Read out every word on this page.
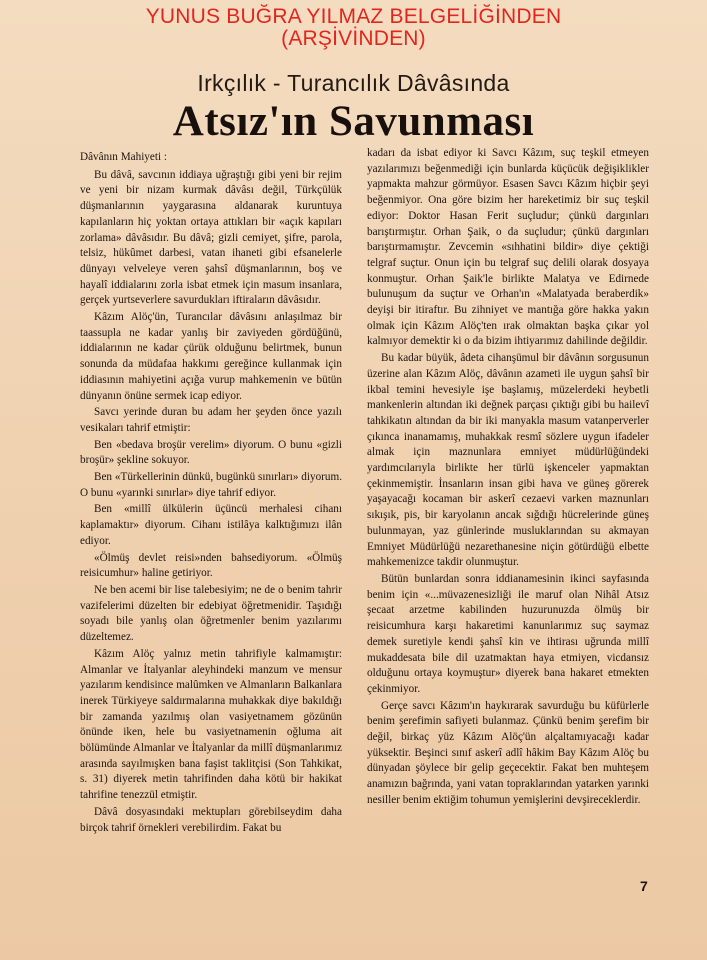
YUNUS BUĞRA YILMAZ BELGELİĞİNDEN
(ARŞİVİNDEN)
Irkçılık - Turancılık Dâvâsında
Atsız'ın Savunması

Dâvânın Mahiyeti :

Bu dâvâ, savcının iddiaya uğraştığı gibi yeni bir rejim ve yeni bir nizam kurmak dâvâsı değil, Türkçülük düşmanlarının yaygarasına aldanarak kuruntuya kapılanların hiç yoktan ortaya attıkları bir «açık kapıları zorlama» dâvâsıdır. Bu dâvâ; gizli cemiyet, şifre, parola, telsiz, hükûmet darbesi, vatan ihaneti gibi efsanelerle dünyayı velveleye veren şahsî düşmanlarının, boş ve hayalî iddialarını zorla isbat etmek için masum insanlara, gerçek yurtseverlere savurdukları iftiraların dâvâsıdır.

Kâzım Alöç'ün, Turancılar dâvâsını anlaşılmaz bir taassupla ne kadar yanlış bir zaviyeden gördüğünü, iddialarının ne kadar çürük olduğunu belirtmek, bunun sonunda da müdafaa hakkımı gereğince kullanmak için iddiasının mahiyetini açığa vurup mahkemenin ve bütün dünyanın önüne sermek icap ediyor.

Savcı yerinde duran bu adam her şeyden önce yazılı vesikaları tahrif etmiştir:

Ben «bedava broşür verelim» diyorum. O bunu «gizli broşür» şekline sokuyor.

Ben «Türkellerinin dünkü, bugünkü sınırları» diyorum. O bunu «yarınki sınırlar» diye tahrif ediyor.

Ben «millî ülkülerin üçüncü merhalesi cihanı kaplamaktır» diyorum. Cihanı istilâya kalktığımızı ilân ediyor.

«Ölmüş devlet reisi»nden bahsediyorum. «Ölmüş reisicumhur» haline getiriyor.

Ne ben acemi bir lise talebesiyim; ne de o benim tahrir vazifelerimi düzelten bir edebiyat öğretmenidir. Taşıdığı soyadı bile yanlış olan öğretmenler benim yazılarımı düzeltemez.

Kâzım Alöç yalnız metin tahrifiyle kalmamıştır: Almanlar ve İtalyanlar aleyhindeki manzum ve mensur yazılarım kendisince malûmken ve Almanların Balkanlara inerek Türkiyeye saldırmalarına muhakkak diye bakıldığı bir zamanda yazılmış olan vasiyetnamem gözünün önünde iken, hele bu vasiyetnamenin oğluma ait bölümünde Almanlar ve İtalyanlar da millî düşmanlarımız arasında sayılmışken bana faşist taklitçisi (Son Tahkikat, s. 31) diyerek metin tahrifinden daha kötü bir hakikat tahrifine tenezzül etmiştir.

Dâvâ dosyasındaki mektupları görebilseydim daha birçok tahrif örnekleri verebilirdim. Fakat bu

kadarı da isbat ediyor ki Savcı Kâzım, suç teşkil etmeyen yazılarımızı beğenmediği için bunlarda küçücük değişiklikler yapmakta mahzur görmüyor. Esasen Savcı Kâzım hiçbir şeyi beğenmiyor. Ona göre bizim her hareketimiz bir suç teşkil ediyor: Doktor Hasan Ferit suçludur; çünkü dargınları barıştırmıştır. Orhan Şaik, o da suçludur; çünkü dargınları barıştırmamıştır. Zevcemin «sıhhatini bildir» diye çektiği telgraf suçtur. Onun için bu telgraf suç delili olarak dosyaya konmuştur. Orhan Şaik'le birlikte Malatya ve Edirnede bulunuşum da suçtur ve Orhan'ın «Malatyada beraberdik» deyişi bir itiraftır. Bu zihniyet ve mantığa göre hakka yakın olmak için Kâzım Alöç'ten ırak olmaktan başka çıkar yol kalmıyor demektir ki o da bizim ihtiyarımız dahilinde değildir.

Bu kadar büyük, âdeta cihanşümul bir dâvânın sorgusunun üzerine alan Kâzım Alöç, dâvânın azameti ile uygun şahsî bir ikbal temini hevesiyle işe başlamış, müzelerdeki heybetli mankenlerin altından iki değnek parçası çıktığı gibi bu hailevî tahkikatın altından da bir iki manyakla masum vatanperverler çıkınca inanamamış, muhakkak resmî sözlere uygun ifadeler almak için maznunlara emniyet müdürlüğündeki yardımcılarıyla birlikte her türlü işkenceler yapmaktan çekinmemiştir. İnsanların insan gibi hava ve güneş görerek yaşayacağı kocaman bir askerî cezaevi varken maznunları sıkışık, pis, bir karyolanın ancak sığdığı hücrelerinde güneş bulunmayan, yaz günlerinde musluklarından su akmayan Emniyet Müdürlüğü nezarethanesine niçin götürdüğü elbette mahkemenizce takdir olunmuştur.

Bütün bunlardan sonra iddianamesinin ikinci sayfasında benim için «...müvazenesizliği ile maruf olan Nihâl Atsız şecaat arzetme kabilinden huzurunuzda ölmüş bir reisicumhura karşı hakaretimi kanunlarımız suç saymaz demek suretiyle kendi şahsî kin ve ihtirası uğrunda millî mukaddesata bile dil uzatmaktan haya etmiyen, vicdansız olduğunu ortaya koymuştur» diyerek bana hakaret etmekten çekinmiyor.

Gerçe savcı Kâzım'ın haykırarak savurduğu bu küfürlerle benim şerefimin safiyeti bulanmaz. Çünkü benim şerefim bir değil, birkaç yüz Kâzım Alöç'ün alçaltamıyacağı kadar yüksektir. Beşinci sınıf askerî adlî hâkim Bay Kâzım Alöç bu dünyadan şöylece bir gelip geçecektir. Fakat ben muhteşem anamızın bağrında, yani vatan topraklarından yatarken yarınki nesiller benim ektiğim tohumun yemişlerini devşireceklerdir.

7
